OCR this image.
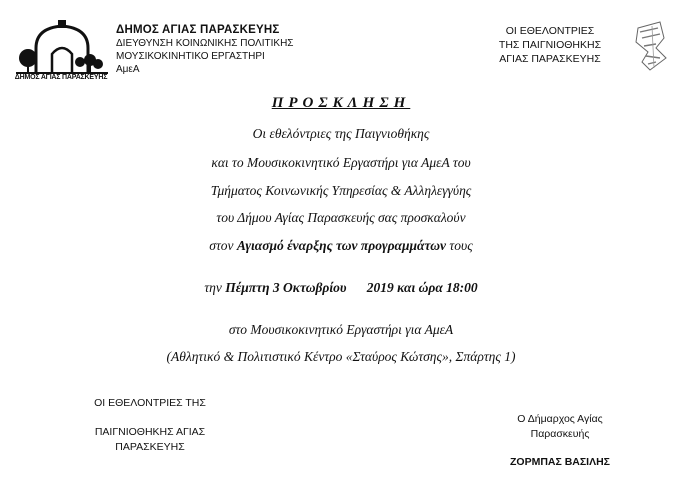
ΔΗΜΟΣ ΑΓΙΑΣ ΠΑΡΑΣΚΕΥΗΣ
ΔΗΜΟΣ ΑΓΙΑΣ ΠΑΡΑΣΚΕΥΗΣ
ΔΙΕΥΘΥΝΣΗ ΚΟΙΝΩΝΙΚΗΣ ΠΟΛΙΤΙΚΗΣ
ΜΟΥΣΙΚΟΚΙΝΗΤΙΚΟ ΕΡΓΑΣΤΗΡΙ
ΑμεΑ
ΟΙ ΕΘΕΛΟΝΤΡΙΕΣ
ΤΗΣ ΠΑΙΓΝΙΟΘΗΚΗΣ
ΑΓΙΑΣ ΠΑΡΑΣΚΕΥΗΣ
ΠΡΟΣΚΛΗΣΗ
Οι εθελόντριες της Παιγνιοθήκης
και το Μουσικοκινητικό Εργαστήρι για ΑμεΑ του
Τμήματος Κοινωνικής Υπηρεσίας & Αλληλεγγύης
του Δήμου Αγίας Παρασκευής σας προσκαλούν
στον Αγιασμό έναρξης των προγραμμάτων τους
την Πέμπτη 3 Οκτωβρίου      2019 και ώρα 18:00
στο Μουσικοκινητικό Εργαστήρι για ΑμεΑ
(Αθλητικό & Πολιτιστικό Κέντρο «Σταύρος Κώτσης», Σπάρτης 1)
ΟΙ ΕΘΕΛΟΝΤΡΙΕΣ ΤΗΣ
ΠΑΙΓΝΙΟΘΗΚΗΣ ΑΓΙΑΣ
ΠΑΡΑΣΚΕΥΗΣ
Ο Δήμαρχος Αγίας
Παρασκευής
ΖΟΡΜΠΑΣ ΒΑΣΙΛΗΣ
